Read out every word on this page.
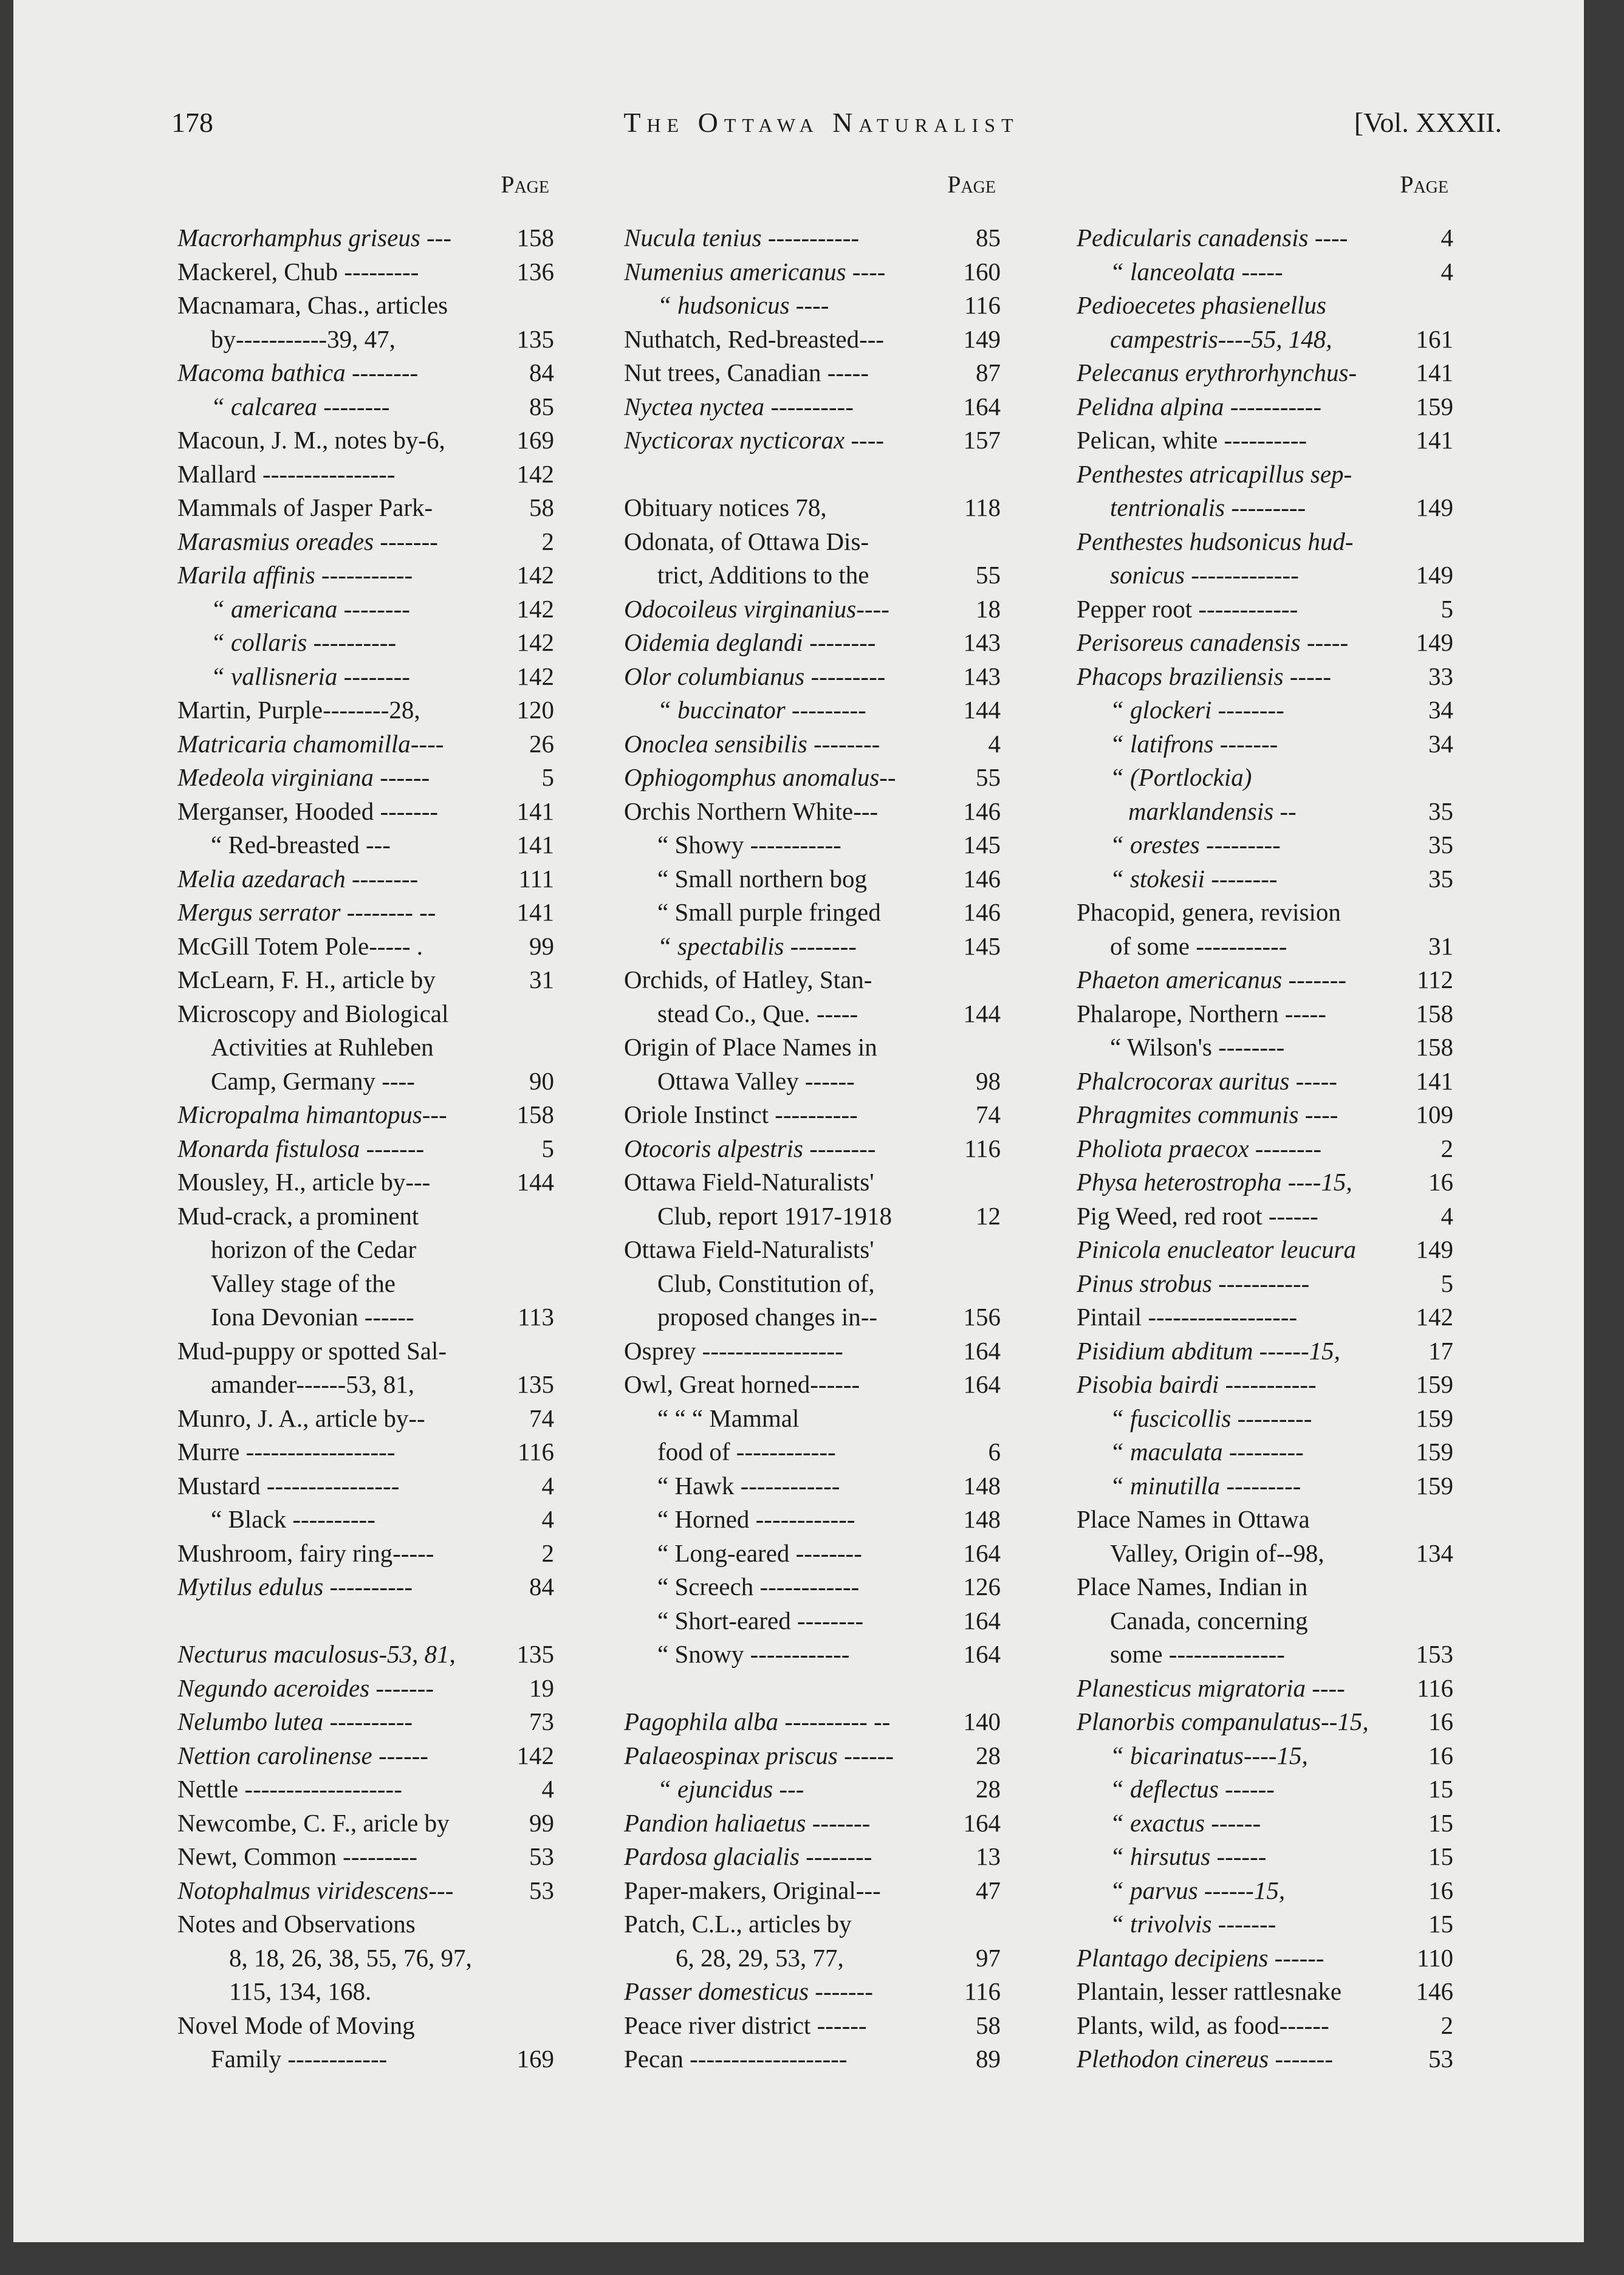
178	The Ottawa Naturalist	[Vol. XXXII.
Page
Macrorhamphus griseus ---	158
Mackerel, Chub ---------	136
Macnamara, Chas., articles
by-----------39, 47,	135
Macoma bathica --------	84
“ calcarea --------	85
Macoun, J. M., notes by-6,	169
Mallard ----------------	142
Mammals of Jasper Park-	58
Marasmius oreades -------	2
Marila affinis -----------	142
“ americana --------	142
“ collaris ----------	142
“ vallisneria --------	142
Martin, Purple--------28,	120
Matricaria chamomilla----	26
Medeola virginiana ------	5
Merganser, Hooded -------	141
“ Red-breasted ---	141
Melia azedarach --------	111
Mergus serrator -------- --	141
McGill Totem Pole----- .	99
McLearn, F. H., article by	31
Microscopy and Biological
Activities at Ruhleben
Camp, Germany ----	90
Micropalma himantopus---	158
Monarda fistulosa -------	5
Mousley, H., article by---	144
Mud-crack, a prominent
horizon of the Cedar
Valley stage of the
Iona Devonian ------	113
Mud-puppy or spotted Sal-
amander------53, 81,	135
Munro, J. A., article by--	74
Murre ------------------	116
Mustard ----------------	4
“ Black ----------	4
Mushroom, fairy ring-----	2
Mytilus edulus ----------	84
Necturus maculosus-53, 81, 135
Negundo aceroides -------	19
Nelumbo lutea ----------	73
Nettion carolinense ------	142
Nettle -------------------	4
Newcombe, C. F., aricle by	99
Newt, Common ---------	53
Notophalmus viridescens---	53
Notes and Observations
8, 18, 26, 38, 55, 76, 97,
115, 134, 168.
Novel Mode of Moving
Family ------------	169
Page
Nucula tenius -----------	85
Numenius americanus ----	160
“ hudsonicus ----	116
Nuthatch, Red-breasted---	149
Nut trees, Canadian -----	87
Nyctea nyctea ----------	164
Nycticorax nycticorax ----	157
Obituary notices 78,	118
Odonata, of Ottawa Dis-
trict, Additions to the	55
Odocoileus virginanius----	18
Oidemia deglandi --------	143
Olor columbianus ---------	143
“ buccinator ---------	144
Onoclea sensibilis --------	4
Ophiogomphus anomalus--	55
Orchis Northern White---	146
“ Showy -----------	145
“ Small northern bog	146
“ Small purple fringed	146
“ spectabilis --------	145
Orchids, of Hatley, Stan-
stead Co., Que. -----	144
Origin of Place Names in
Ottawa Valley ------	98
Oriole Instinct ----------	74
Otocoris alpestris --------	116
Ottawa Field-Naturalists'
Club, report 1917-1918	12
Ottawa Field-Naturalists'
Club, Constitution of,
proposed changes in--	156
Osprey -----------------	164
Owl, Great horned------	164
“ “ “ Mammal
food of ------------	6
“ Hawk ------------	148
“ Horned ------------	148
“ Long-eared --------	164
“ Screech ------------	126
“ Short-eared --------	164
“ Snowy ------------	164
Pagophila alba ---------- --	140
Palaeospinax priscus ------	28
“ ejuncidus ---	28
Pandion haliaetus -------	164
Pardosa glacialis --------	13
Paper-makers, Original---	47
Patch, C.L., articles by
6, 28, 29, 53, 77,	97
Passer domesticus -------	116
Peace river district ------	58
Pecan -------------------	89
Page
Pedicularis canadensis ----	4
“ lanceolata -----	4
Pedioecetes phasienellus
campestris----55, 148,	161
Pelecanus erythrorhynchus- 141
Pelidna alpina -----------	159
Pelican, white ----------	141
Penthestes atricapillus sep-
tentrionalis ---------	149
Penthestes hudsonicus hud-
sonicus -------------	149
Pepper root ------------	5
Perisoreus canadensis -----	149
Phacops braziliensis -----	33
“ glockeri --------	34
“ latifrons -------	34
“ (Portlockia)
marklandensis --	35
“ orestes ---------	35
“ stokesii --------	35
Phacopid, genera, revision
of some -----------	31
Phaeton americanus -------	112
Phalarope, Northern -----	158
“ Wilson's --------	158
Phalcrocorax auritus -----	141
Phragmites communis ----	109
Pholiota praecox --------	2
Physa heterostropha ----15,	16
Pig Weed, red root ------	4
Pinicola enucleator leucura 149
Pinus strobus -----------	5
Pintail ------------------	142
Pisidium abditum ------15,	17
Pisobia bairdi -----------	159
“ fuscicollis ---------	159
“ maculata ---------	159
“ minutilla ---------	159
Place Names in Ottawa
Valley, Origin of--98,	134
Place Names, Indian in
Canada, concerning
some --------------	153
Planesticus migratoria ----	116
Planorbis companulatus--15, 16
“ bicarinatus----15,	16
“ deflectus ------	15
“ exactus ------	15
“ hirsutus ------	15
“ parvus ------15,	16
“ trivolvis -------	15
Plantago decipiens ------	110
Plantain, lesser rattlesnake	146
Plants, wild, as food------	2
Plethodon cinereus -------	53
